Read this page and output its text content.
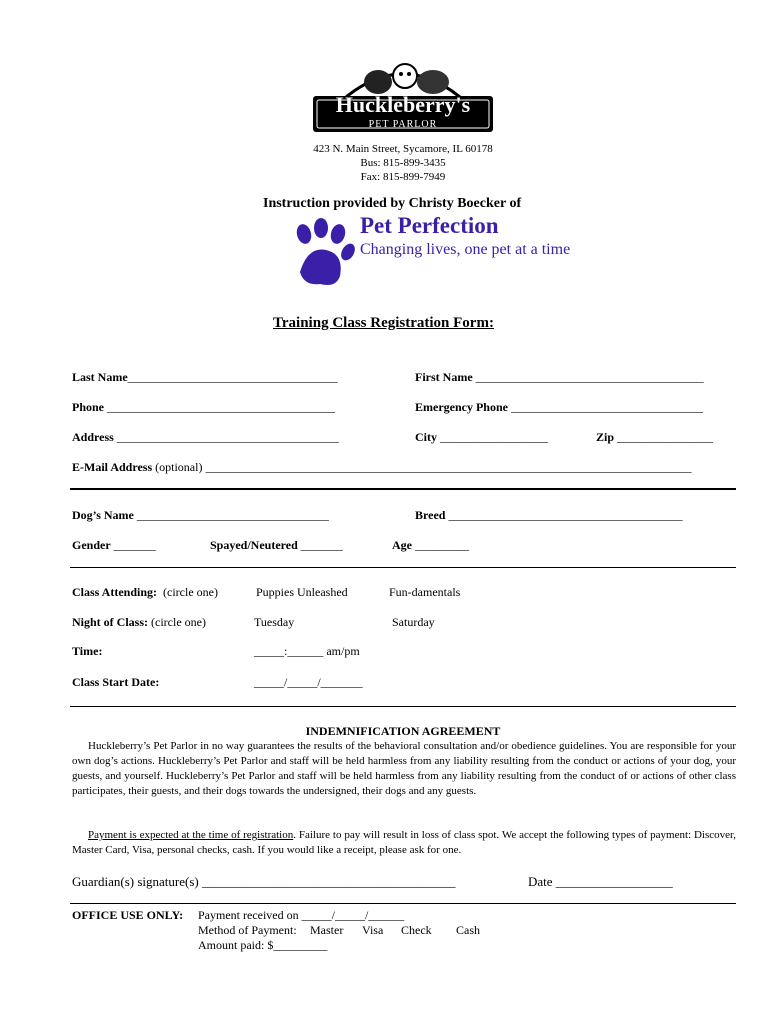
Huckleberry's
PET PARLOR
423 N. Main Street, Sycamore, IL 60178
Bus: 815-899-3435
Fax: 815-899-7949
Instruction provided by Christy Boecker of
Pet Perfection
Changing lives, one pet at a time
Training Class Registration Form:
Last Name___________________________________	First Name ______________________________________
Phone ______________________________________	Emergency Phone ________________________________
Address _____________________________________	City __________________	Zip ________________
E-Mail Address (optional) _________________________________________________________________________________
Dog’s Name ________________________________	Breed _______________________________________
Gender _______	Spayed/Neutered _______	Age _________
Class Attending: (circle one)	Puppies Unleashed	Fun-damentals
Night of Class: (circle one)	Tuesday	Saturday
Time:	_____:______ am/pm
Class Start Date:	_____/_____/_______
INDEMNIFICATION AGREEMENT
Huckleberry’s Pet Parlor in no way guarantees the results of the behavioral consultation and/or obedience guidelines. You are responsible for your own dog’s actions. Huckleberry’s Pet Parlor and staff will be held harmless from any liability resulting from the conduct or actions of your dog, your guests, and yourself. Huckleberry’s Pet Parlor and staff will be held harmless from any liability resulting from the conduct of or actions of other class participates, their guests, and their dogs towards the undersigned, their dogs and any guests.
Payment is expected at the time of registration. Failure to pay will result in loss of class spot. We accept the following types of payment: Discover, Master Card, Visa, personal checks, cash. If you would like a receipt, please ask for one.
Guardian(s) signature(s) _______________________________________	Date __________________
OFFICE USE ONLY: Payment received on _____/_____/______
Method of Payment: Master Visa Check Cash
Amount paid: $_________
